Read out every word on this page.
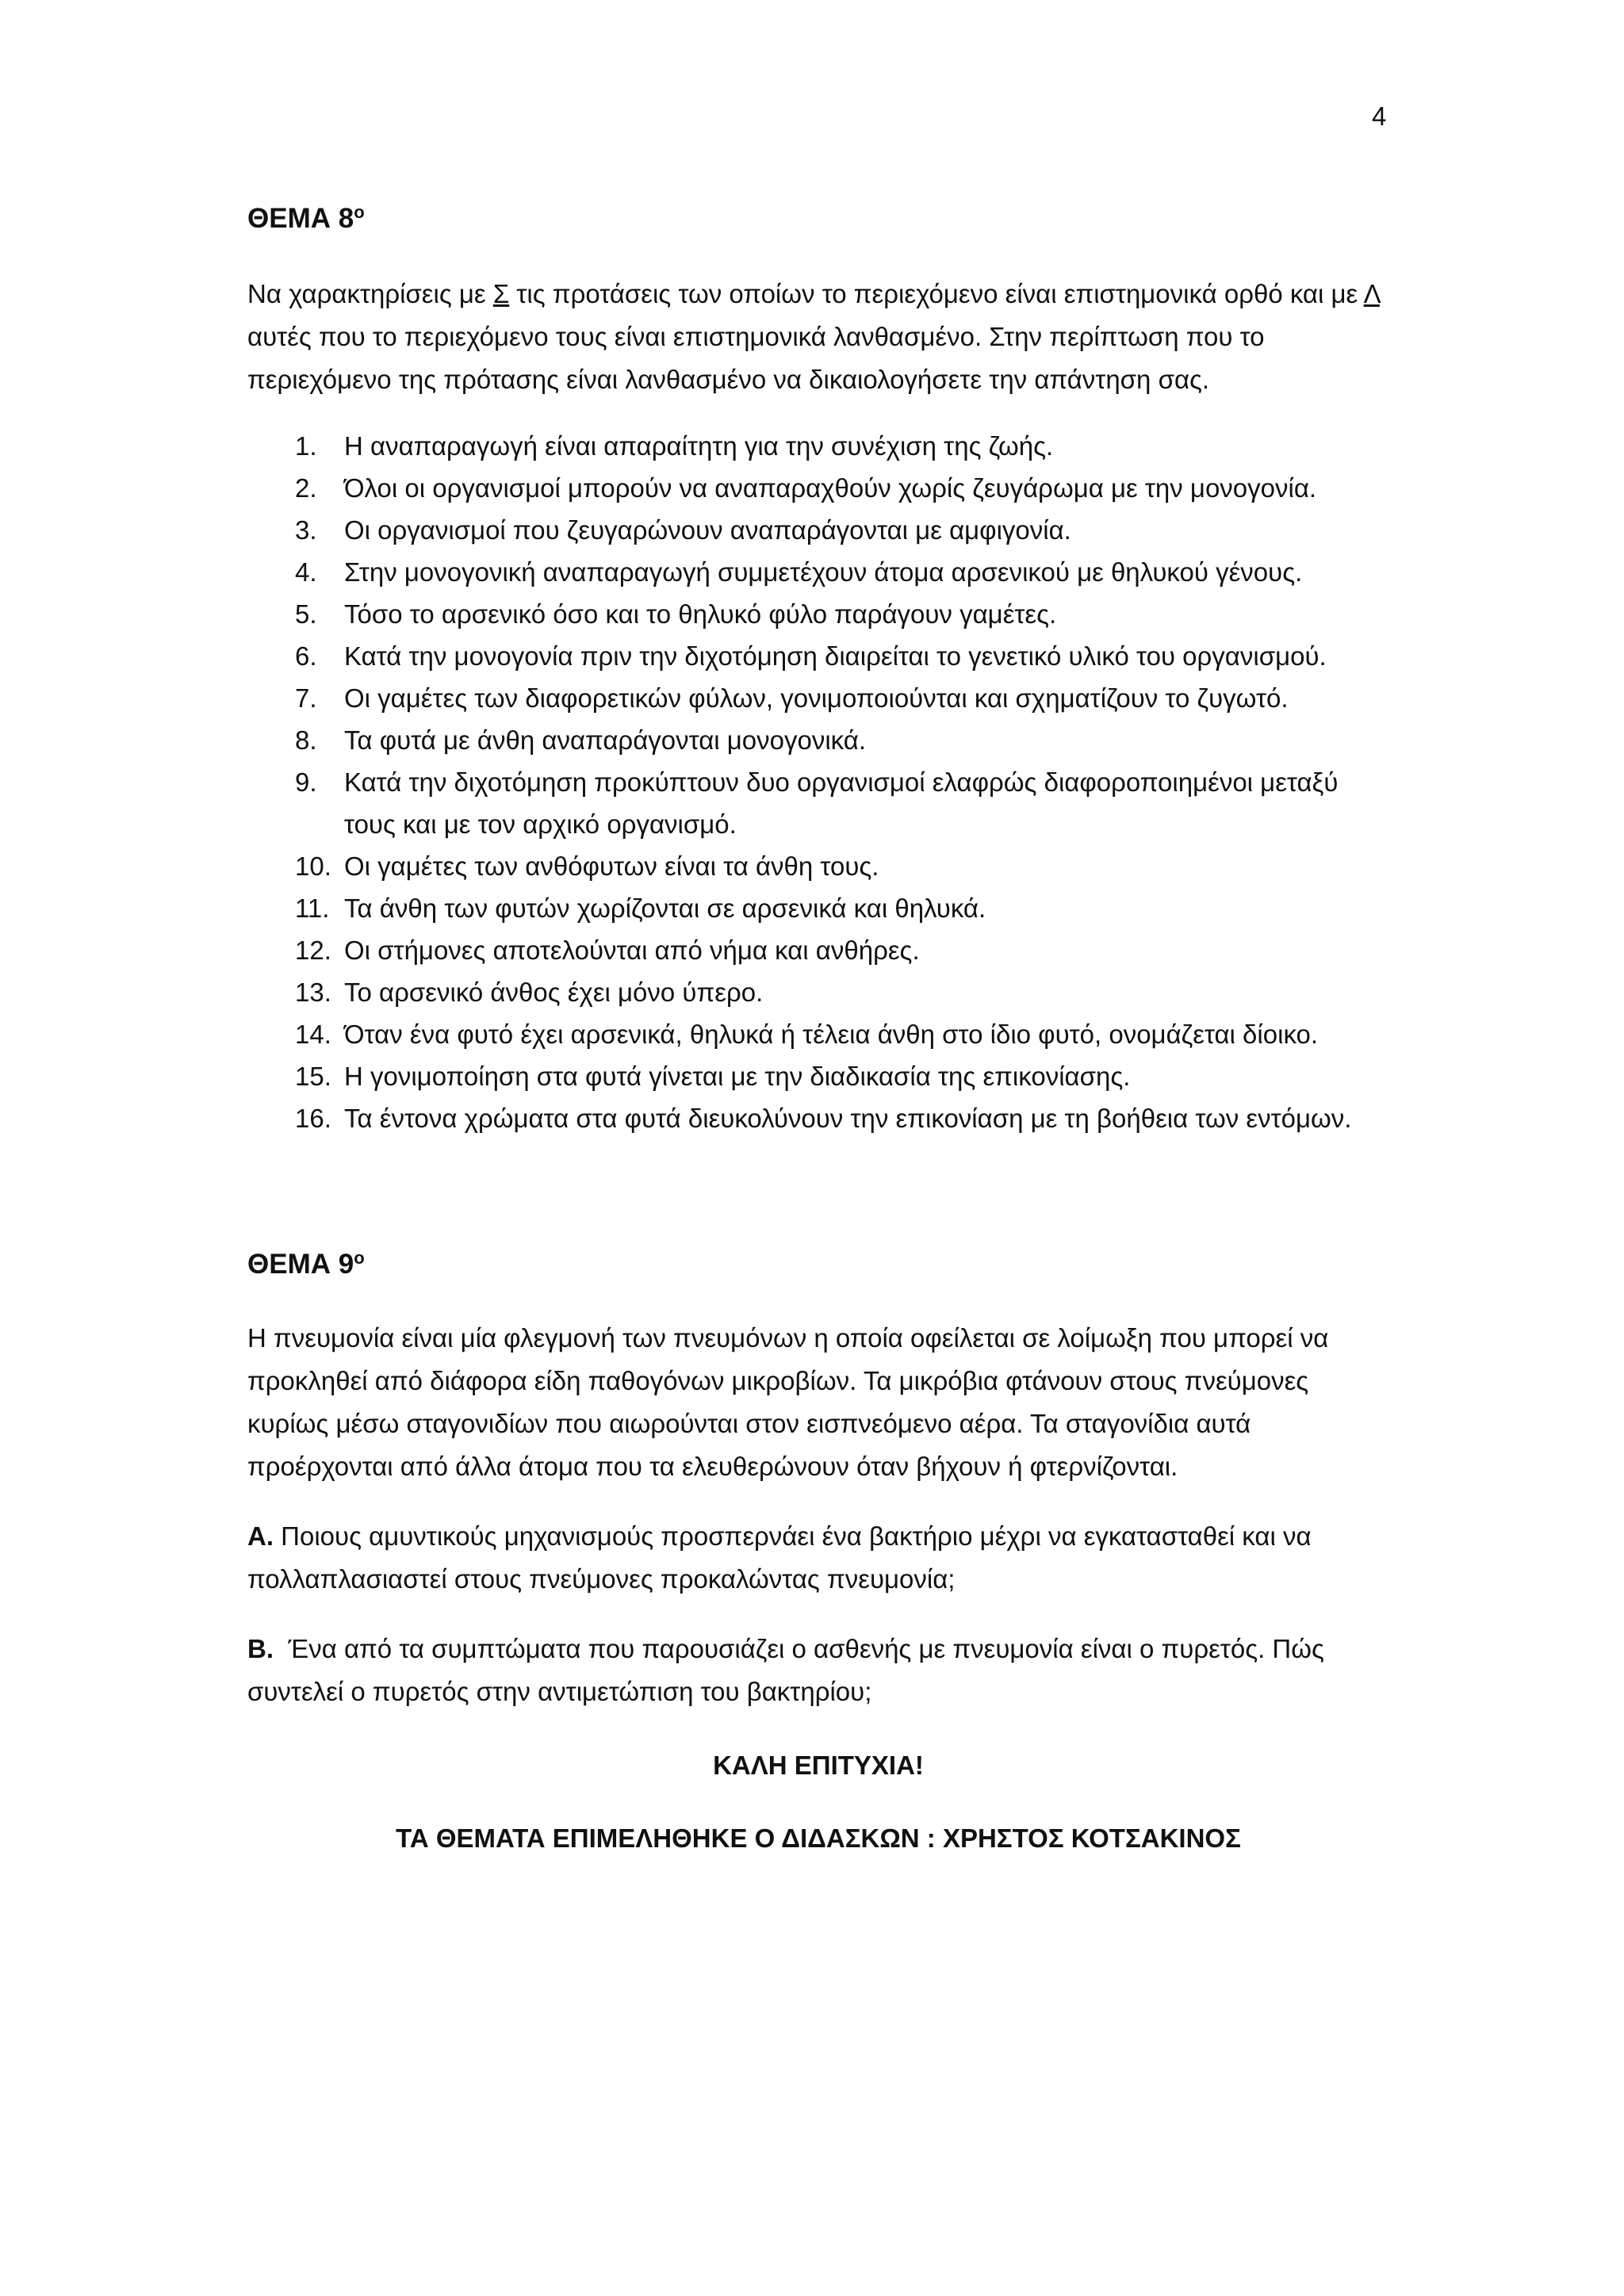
4
ΘΕΜΑ $8^o$

Να χαρακτηρίσεις με Σ τις προτάσεις των οποίων το περιεχόμενο είναι επιστημονικά ορθό και με Λ αυτές που το περιεχόμενο τους είναι επιστημονικά λανθασμένο. Στην περίπτωση που το περιεχόμενο της πρότασης είναι λανθασμένο να δικαιολογήσετε την απάντηση σας.

1.	Η αναπαραγωγή είναι απαραίτητη για την συνέχιση της ζωής.
2.	Όλοι οι οργανισμοί μπορούν να αναπαραχθούν χωρίς ζευγάρωμα με την μονογονία.
3.	Οι οργανισμοί που ζευγαρώνουν αναπαράγονται με αμφιγονία.
4.	Στην μονογονική αναπαραγωγή συμμετέχουν άτομα αρσενικού με θηλυκού γένους.
5.	Τόσο το αρσενικό όσο και το θηλυκό φύλο παράγουν γαμέτες.
6.	Κατά την μονογονία πριν την διχοτόμηση διαιρείται το γενετικό υλικό του οργανισμού.
7.	Οι γαμέτες των διαφορετικών φύλων, γονιμοποιούνται και σχηματίζουν το ζυγωτό.
8.	Τα φυτά με άνθη αναπαράγονται μονογονικά.
9.	Κατά την διχοτόμηση προκύπτουν δυο οργανισμοί ελαφρώς διαφοροποιημένοι μεταξύ τους και με τον αρχικό οργανισμό.
10. Οι γαμέτες των ανθόφυτων είναι τα άνθη τους.
11. Τα άνθη των φυτών χωρίζονται σε αρσενικά και θηλυκά.
12. Οι στήμονες αποτελούνται από νήμα και ανθήρες.
13. Το αρσενικό άνθος έχει μόνο ύπερο.
14. Όταν ένα φυτό έχει αρσενικά, θηλυκά ή τέλεια άνθη στο ίδιο φυτό, ονομάζεται δίοικο.
15. Η γονιμοποίηση στα φυτά γίνεται με την διαδικασία της επικονίασης.
16. Τα έντονα χρώματα στα φυτά διευκολύνουν την επικονίαση με τη βοήθεια των εντόμων.
ΘΕΜΑ $9^o$

Η πνευμονία είναι μία φλεγμονή των πνευμόνων η οποία οφείλεται σε λοίμωξη που μπορεί να προκληθεί από διάφορα είδη παθογόνων μικροβίων. Τα μικρόβια φτάνουν στους πνεύμονες κυρίως μέσω σταγονιδίων που αιωρούνται στον εισπνεόμενο αέρα. Τα σταγονίδια αυτά προέρχονται από άλλα άτομα που τα ελευθερώνουν όταν βήχουν ή φτερνίζονται.

Α. Ποιους αμυντικούς μηχανισμούς προσπερνάει ένα βακτήριο μέχρι να εγκατασταθεί και να πολλαπλασιαστεί στους πνεύμονες προκαλώντας πνευμονία;

Β.  Ένα από τα συμπτώματα που παρουσιάζει ο ασθενής με πνευμονία είναι ο πυρετός. Πώς συντελεί ο πυρετός στην αντιμετώπιση του βακτηρίου;

ΚΑΛΗ ΕΠΙΤΥΧΙΑ!

ΤΑ ΘΕΜΑΤΑ ΕΠΙΜΕΛΗΘΗΚΕ Ο ΔΙΔΑΣΚΩΝ : ΧΡΗΣΤΟΣ ΚΟΤΣΑΚΙΝΟΣ
